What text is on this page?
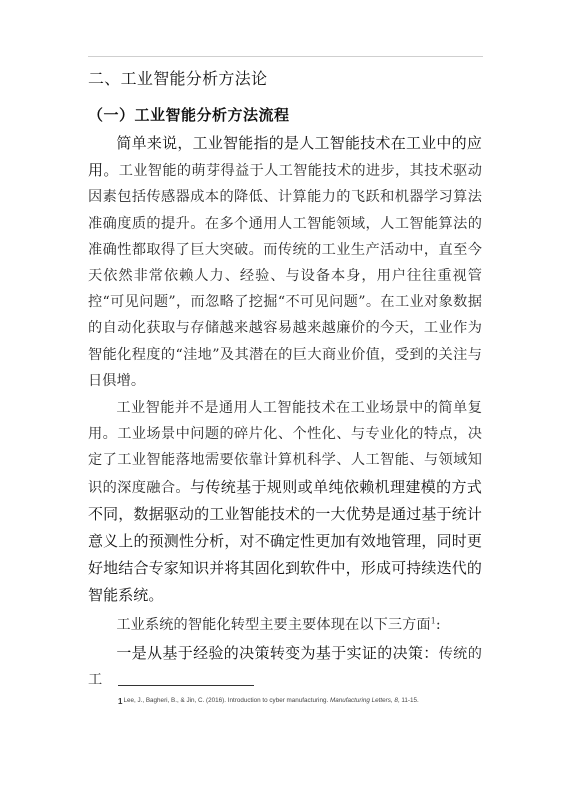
二、工业智能分析方法论
（一）工业智能分析方法流程

简单来说，工业智能指的是人工智能技术在工业中的应用。工业智能的萌芽得益于人工智能技术的进步，其技术驱动因素包括传感器成本的降低、计算能力的飞跃和机器学习算法准确度质的提升。在多个通用人工智能领域，人工智能算法的准确性都取得了巨大突破。而传统的工业生产活动中，直至今天依然非常依赖人力、经验、与设备本身，用户往往重视管控“可见问题”，而忽略了挖掘“不可见问题”。在工业对象数据的自动化获取与存储越来越容易越来越廉价的今天，工业作为智能化程度的“洼地”及其潜在的巨大商业价值，受到的关注与日俱增。

工业智能并不是通用人工智能技术在工业场景中的简单复用。工业场景中问题的碎片化、个性化、与专业化的特点，决定了工业智能落地需要依靠计算机科学、人工智能、与领域知识的深度融合。与传统基于规则或单纯依赖机理建模的方式不同，数据驱动的工业智能技术的一大优势是通过基于统计意义上的预测性分析，对不确定性更加有效地管理，同时更好地结合专家知识并将其固化到软件中，形成可持续迭代的智能系统。

工业系统的智能化转型主要主要体现在以下三方面$^1$:

一是从基于经验的决策转变为基于实证的决策：传统的工

1Lee, J., Bagheri, B., & Jin, C. (2016). Introduction to cyber manufacturing. Manufacturing Letters, 8, 11-15.
